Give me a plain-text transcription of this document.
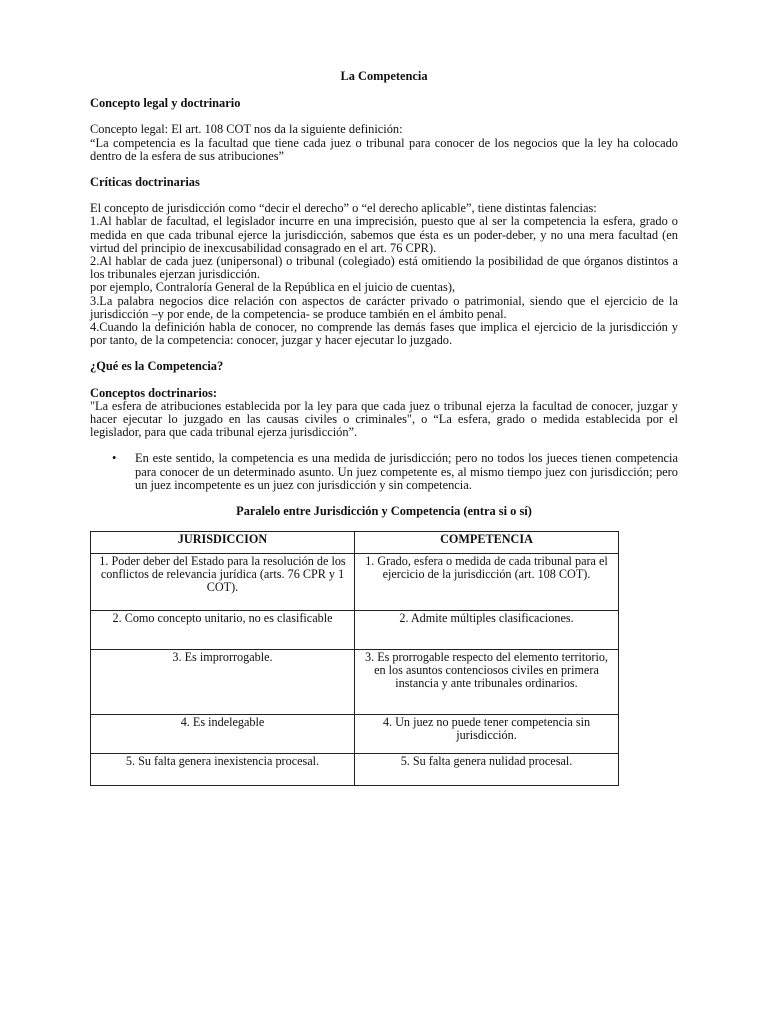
La Competencia
Concepto legal y doctrinario
Concepto legal: El art. 108 COT nos da la siguiente definición:
“La competencia es la facultad que tiene cada juez o tribunal para conocer de los negocios que la ley ha colocado dentro de la esfera de sus atribuciones”
Críticas doctrinarias
El concepto de jurisdicción como “decir el derecho” o “el derecho aplicable”, tiene distintas falencias:
1.Al hablar de facultad, el legislador incurre en una imprecisión, puesto que al ser la competencia la esfera, grado o medida en que cada tribunal ejerce la jurisdicción, sabemos que ésta es un poder-deber, y no una mera facultad (en virtud del principio de inexcusabilidad consagrado en el art. 76 CPR).
2.Al hablar de cada juez (unipersonal) o tribunal (colegiado) está omitiendo la posibilidad de que órganos distintos a los tribunales ejerzan jurisdicción.
por ejemplo, Contraloría General de la República en el juicio de cuentas),
3.La palabra negocios dice relación con aspectos de carácter privado o patrimonial, siendo que el ejercicio de la jurisdicción –y por ende, de la competencia- se produce también en el ámbito penal.
4.Cuando la definición habla de conocer, no comprende las demás fases que implica el ejercicio de la jurisdicción y por tanto, de la competencia: conocer, juzgar y hacer ejecutar lo juzgado.
¿Qué es la Competencia?
Conceptos doctrinarios:
"La esfera de atribuciones establecida por la ley para que cada juez o tribunal ejerza la facultad de conocer, juzgar y hacer ejecutar lo juzgado en las causas civiles o criminales", o “La esfera, grado o medida establecida por el legislador, para que cada tribunal ejerza jurisdicción”.
• En este sentido, la competencia es una medida de jurisdicción; pero no todos los jueces tienen competencia para conocer de un determinado asunto. Un juez competente es, al mismo tiempo juez con jurisdicción; pero un juez incompetente es un juez con jurisdicción y sin competencia.
Paralelo entre Jurisdicción y Competencia (entra si o sí)
JURISDICCION	COMPETENCIA
1. Poder deber del Estado para la resolución de los conflictos de relevancia jurídica (arts. 76 CPR y 1 COT).	1. Grado, esfera o medida de cada tribunal para el ejercicio de la jurisdicción (art. 108 COT).
2. Como concepto unitario, no es clasificable	2. Admite múltiples clasificaciones.
3. Es improrrogable.	3. Es prorrogable respecto del elemento territorio, en los asuntos contenciosos civiles en primera instancia y ante tribunales ordinarios.
4. Es indelegable	4. Un juez no puede tener competencia sin jurisdicción.
5. Su falta genera inexistencia procesal.	5. Su falta genera nulidad procesal.
